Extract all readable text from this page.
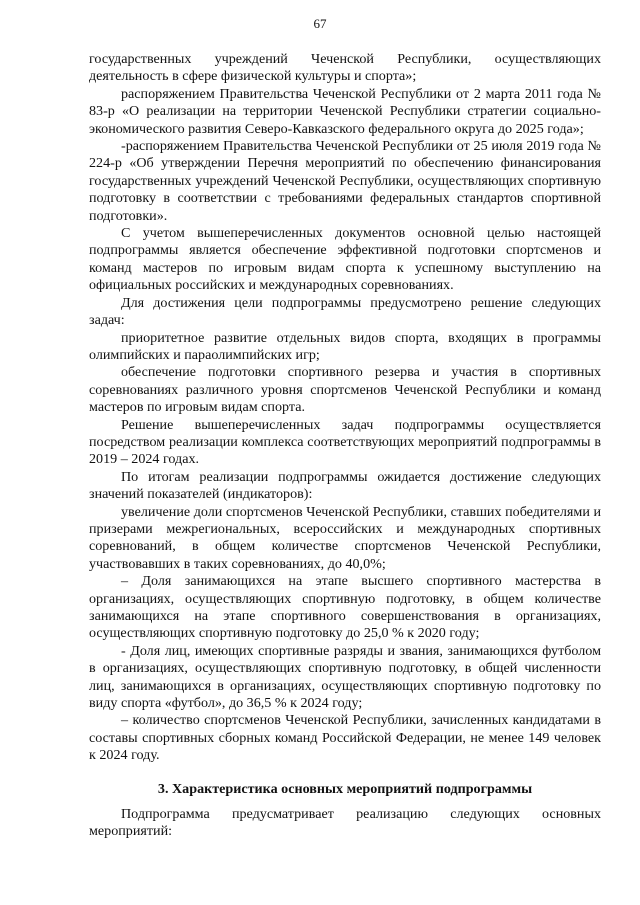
67

государственных учреждений Чеченской Республики, осуществляющих деятельность в сфере физической культуры и спорта»;

распоряжением Правительства Чеченской Республики от 2 марта 2011 года № 83-р «О реализации на территории Чеченской Республики стратегии социально-экономического развития Северо-Кавказского федерального округа до 2025 года»;

-распоряжением Правительства Чеченской Республики от 25 июля 2019 года № 224-р «Об утверждении Перечня мероприятий по обеспечению финансирования государственных учреждений Чеченской Республики, осуществляющих спортивную подготовку в соответствии с требованиями федеральных стандартов спортивной подготовки».

С учетом вышеперечисленных документов основной целью настоящей подпрограммы является обеспечение эффективной подготовки спортсменов и команд мастеров по игровым видам спорта к успешному выступлению на официальных российских и международных соревнованиях.

Для достижения цели подпрограммы предусмотрено решение следующих задач:

приоритетное развитие отдельных видов спорта, входящих в программы олимпийских и параолимпийских игр;

обеспечение подготовки спортивного резерва и участия в спортивных соревнованиях различного уровня спортсменов Чеченской Республики и команд мастеров по игровым видам спорта.

Решение вышеперечисленных задач подпрограммы осуществляется посредством реализации комплекса соответствующих мероприятий подпрограммы в 2019 – 2024 годах.

По итогам реализации подпрограммы ожидается достижение следующих значений показателей (индикаторов):

увеличение доли спортсменов Чеченской Республики, ставших победителями и призерами межрегиональных, всероссийских и международных спортивных соревнований, в общем количестве спортсменов Чеченской Республики, участвовавших в таких соревнованиях, до 40,0%;

– Доля занимающихся на этапе высшего спортивного мастерства в организациях, осуществляющих спортивную подготовку, в общем количестве занимающихся на этапе спортивного совершенствования в организациях, осуществляющих спортивную подготовку до 25,0 % к 2020 году;

- Доля лиц, имеющих спортивные разряды и звания, занимающихся футболом в организациях, осуществляющих спортивную подготовку, в общей численности лиц, занимающихся в организациях, осуществляющих спортивную подготовку по виду спорта «футбол», до 36,5 % к 2024 году;

– количество спортсменов Чеченской Республики, зачисленных кандидатами в составы спортивных сборных команд Российской Федерации, не менее 149 человек к 2024 году.

3. Характеристика основных мероприятий подпрограммы

Подпрограмма предусматривает реализацию следующих основных мероприятий:
